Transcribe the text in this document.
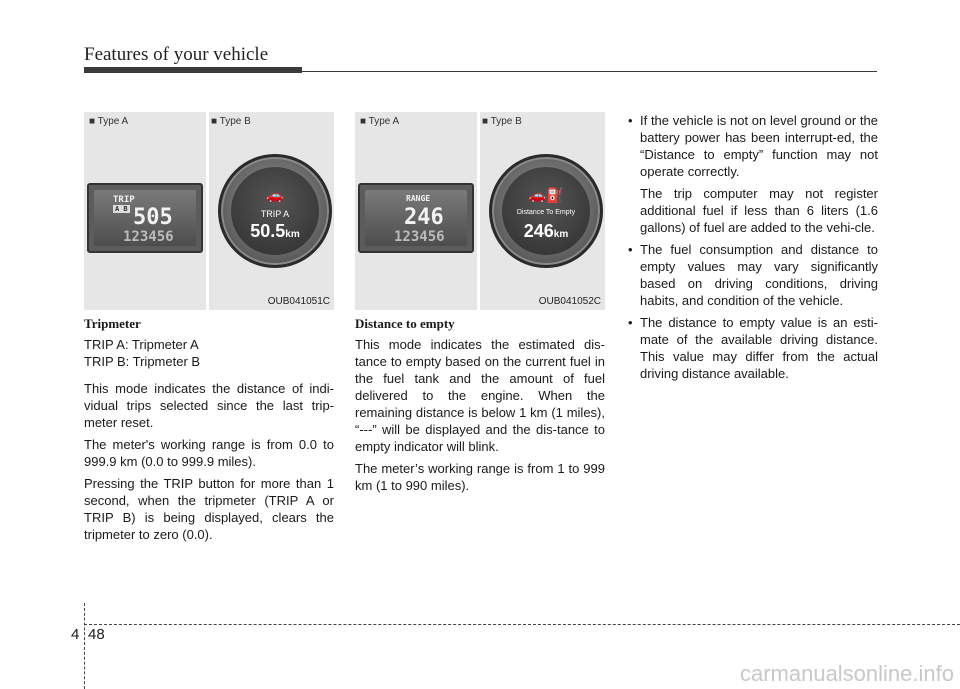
Features of your vehicle
■ Type A	■ Type B
TRIP
A B 505
123456
🚗
TRIP A
50.5km
OUB041051C
■ Type A	■ Type B
RANGE
246
123456
🚗⛽
Distance To Empty
246km
OUB041052C
Tripmeter
TRIP A: Tripmeter A
TRIP B: Tripmeter B

This mode indicates the distance of indi-vidual trips selected since the last trip-meter reset.

The meter's working range is from 0.0 to 999.9 km (0.0 to 999.9 miles).

Pressing the TRIP button for more than 1 second, when the tripmeter (TRIP A or TRIP B) is being displayed, clears the tripmeter to zero (0.0).

Distance to empty

This mode indicates the estimated dis-tance to empty based on the current fuel in the fuel tank and the amount of fuel delivered to the engine. When the remaining distance is below 1 km (1 miles), “---” will be displayed and the dis-tance to empty indicator will blink.

The meter’s working range is from 1 to 999 km (1 to 990 miles).

• If the vehicle is not on level ground or the battery power has been interrupt-ed, the “Distance to empty” function may not operate correctly.

The trip computer may not register additional fuel if less than 6 liters (1.6 gallons) of fuel are added to the vehi-cle.

• The fuel consumption and distance to empty values may vary significantly based on driving conditions, driving habits, and condition of the vehicle.

• The distance to empty value is an esti-mate of the available driving distance. This value may differ from the actual driving distance available.

4 48
carmanualsonline.info
